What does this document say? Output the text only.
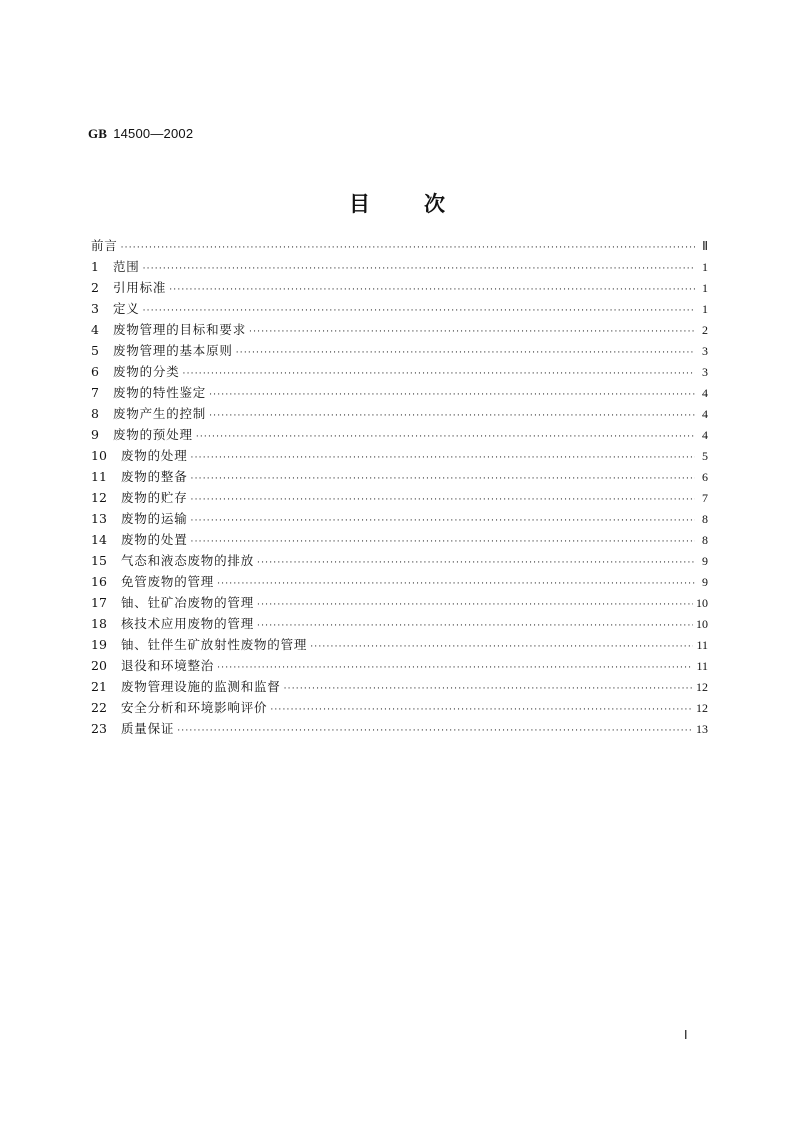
GB 14500—2002
目	次
前言 ·····	Ⅱ
1	范围 ·····	1
2	引用标准 ·····	1
3	定义 ·····	1
4	废物管理的目标和要求 ·····	2
5	废物管理的基本原则 ·····	3
6	废物的分类 ·····	3
7	废物的特性鉴定 ·····	4
8	废物产生的控制 ·····	4
9	废物的预处理 ·····	4
10	废物的处理 ·····	5
11	废物的整备 ·····	6
12	废物的贮存 ·····	7
13	废物的运输 ·····	8
14	废物的处置 ·····	8
15	气态和液态废物的排放 ·····	9
16	免管废物的管理 ·····	9
17	铀、钍矿冶废物的管理 ·····	10
18	核技术应用废物的管理 ·····	10
19	铀、钍伴生矿放射性废物的管理 ·····	11
20	退役和环境整治 ·····	11
21	废物管理设施的监测和监督 ·····	12
22	安全分析和环境影响评价 ·····	12
23	质量保证 ·····	13
Ⅰ
